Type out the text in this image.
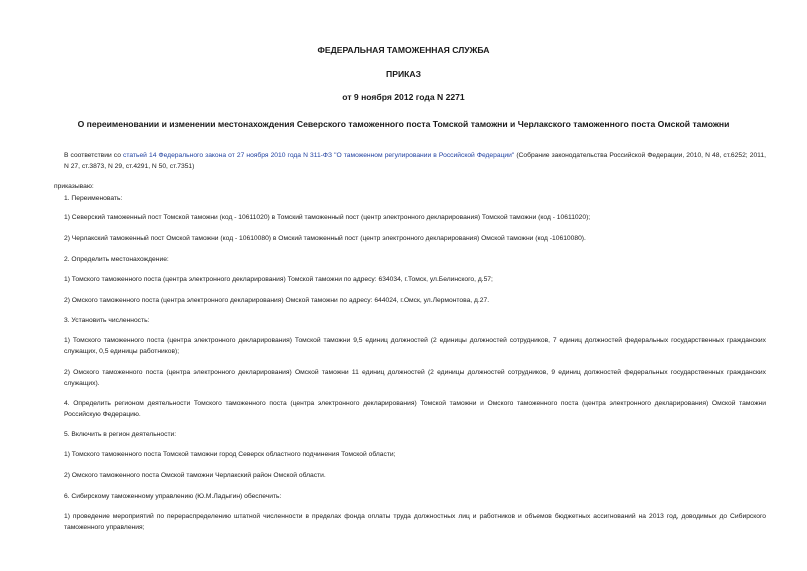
ФЕДЕРАЛЬНАЯ ТАМОЖЕННАЯ СЛУЖБА
ПРИКАЗ
от 9 ноября 2012 года N 2271
О переименовании и изменении местонахождения Северского таможенного поста Томской таможни и Черлакского таможенного поста Омской таможни
В соответствии со статьей 14 Федерального закона от 27 ноября 2010 года N 311-ФЗ "О таможенном регулировании в Российской Федерации" (Собрание законодательства Российской Федерации, 2010, N 48, ст.6252; 2011, N 27, ст.3873, N 29, ст.4291, N 50, ст.7351)
приказываю:
1. Переименовать:
1) Северский таможенный пост Томской таможни (код - 10611020) в Томский таможенный пост (центр электронного декларирования) Томской таможни (код - 10611020);
2) Черлакский таможенный пост Омской таможни (код - 10610080) в Омский таможенный пост (центр электронного декларирования) Омской таможни (код -10610080).
2. Определить местонахождение:
1) Томского таможенного поста (центра электронного декларирования) Томской таможни по адресу: 634034, г.Томск, ул.Белинского, д.57;
2) Омского таможенного поста (центра электронного декларирования) Омской таможни по адресу: 644024, г.Омск, ул.Лермонтова, д.27.
3. Установить численность:
1) Томского таможенного поста (центра электронного декларирования) Томской таможни 9,5 единиц должностей (2 единицы должностей сотрудников, 7 единиц должностей федеральных государственных гражданских служащих, 0,5 единицы работников);
2) Омского таможенного поста (центра электронного декларирования) Омской таможни 11 единиц должностей (2 единицы должностей сотрудников, 9 единиц должностей федеральных государственных гражданских служащих).
4. Определить регионом деятельности Томского таможенного поста (центра электронного декларирования) Томской таможни и Омского таможенного поста (центра электронного декларирования) Омской таможни Российскую Федерацию.
5. Включить в регион деятельности:
1) Томского таможенного поста Томской таможни город Северск областного подчинения Томской области;
2) Омского таможенного поста Омской таможни Черлакский район Омской области.
6. Сибирскому таможенному управлению (Ю.М.Ладыгин) обеспечить:
1) проведение мероприятий по перераспределению штатной численности в пределах фонда оплаты труда должностных лиц и работников и объемов бюджетных ассигнований на 2013 год, доводимых до Сибирского таможенного управления;
